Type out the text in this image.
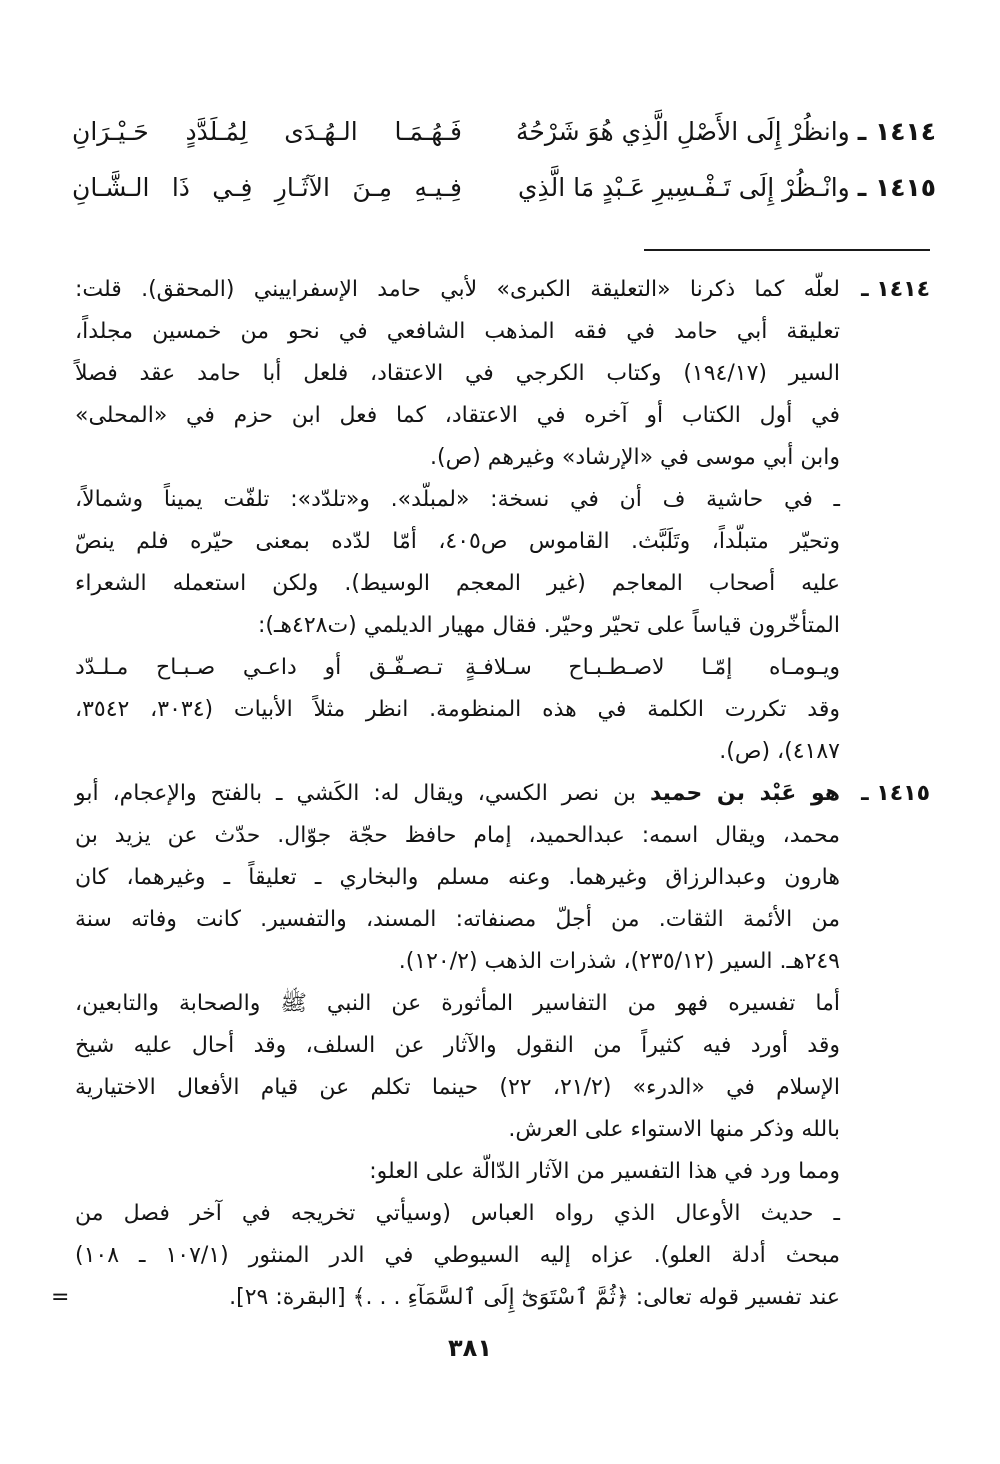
١٤١٤ ـ وانظُرْ إِلَى الأَصْلِ الَّذِي هُوَ شَرْحُهُ
فَـهُـمَـا الـهُـدَى لِمُـلَدَّدٍ حَـيْـرَانِ
١٤١٥ ـ وانْـظُرْ إِلَى تَـفْـسِيرِ عَـبْدٍ مَا الَّذِي
فِـيـهِ مِـنَ الآثَـارِ فِـي ذَا الـشَّـانِ
١٤١٤ ـ
لعلّه كما ذكرنا «التعليقة الكبرى» لأبي حامد الإسفراييني (المحقق). قلت:
تعليقة أبي حامد في فقه المذهب الشافعي في نحو من خمسين مجلداً،
السير (١٩٤/١٧) وكتاب الكرجي في الاعتقاد، فلعل أبا حامد عقد فصلاً
في أول الكتاب أو آخره في الاعتقاد، كما فعل ابن حزم في «المحلى»
وابن أبي موسى في «الإرشاد» وغيرهم (ص).
ـ في حاشية ف أن في نسخة: «لمبلّد». و«تلدّد»: تلفّت يميناً وشمالاً،
وتحيّر متبلّداً، وتَلَبَّث. القاموس ص٤٠٥، أمّا لدّده بمعنى حيّره فلم ينصّ
عليه أصحاب المعاجم (غير المعجم الوسيط). ولكن استعمله الشعراء
المتأخّرون قياساً على تحيّر وحيّر. فقال مهيار الديلمي (ت٤٢٨هـ):
ويـومـاه إمّـا لاصـطـبـاح سـلافـةٍ
تـصـفّـق أو داعـي صـبـاح مـلـدّد
وقد تكررت الكلمة في هذه المنظومة. انظر مثلاً الأبيات (٣٠٣٤، ٣٥٤٢،
٤١٨٧)، (ص).
١٤١٥ ـ
هو عَبْد بن حميد بن نصر الكسي، ويقال له: الكَشي ـ بالفتح والإعجام، أبو
محمد، ويقال اسمه: عبدالحميد، إمام حافظ حجّة جوّال. حدّث عن يزيد بن
هارون وعبدالرزاق وغيرهما. وعنه مسلم والبخاري ـ تعليقاً ـ وغيرهما، كان
من الأئمة الثقات. من أجلّ مصنفاته: المسند، والتفسير. كانت وفاته سنة
٢٤٩هـ. السير (٢٣٥/١٢)، شذرات الذهب (١٢٠/٢).
أما تفسيره فهو من التفاسير المأثورة عن النبي ﷺ والصحابة والتابعين،
وقد أورد فيه كثيراً من النقول والآثار عن السلف، وقد أحال عليه شيخ
الإسلام في «الدرء» (٢١/٢، ٢٢) حينما تكلم عن قيام الأفعال الاختيارية
بالله وذكر منها الاستواء على العرش.
ومما ورد في هذا التفسير من الآثار الدّالّة على العلو:
ـ حديث الأوعال الذي رواه العباس (وسيأتي تخريجه في آخر فصل من
مبحث أدلة العلو). عزاه إليه السيوطي في الدر المنثور (١٠٧/١ ـ ١٠٨)
عند تفسير قوله تعالى: ﴿ثُمَّ ٱسْتَوَىٰٓ إِلَى ٱلسَّمَآءِ . . .﴾ [البقرة: ٢٩].
=
٣٨١
